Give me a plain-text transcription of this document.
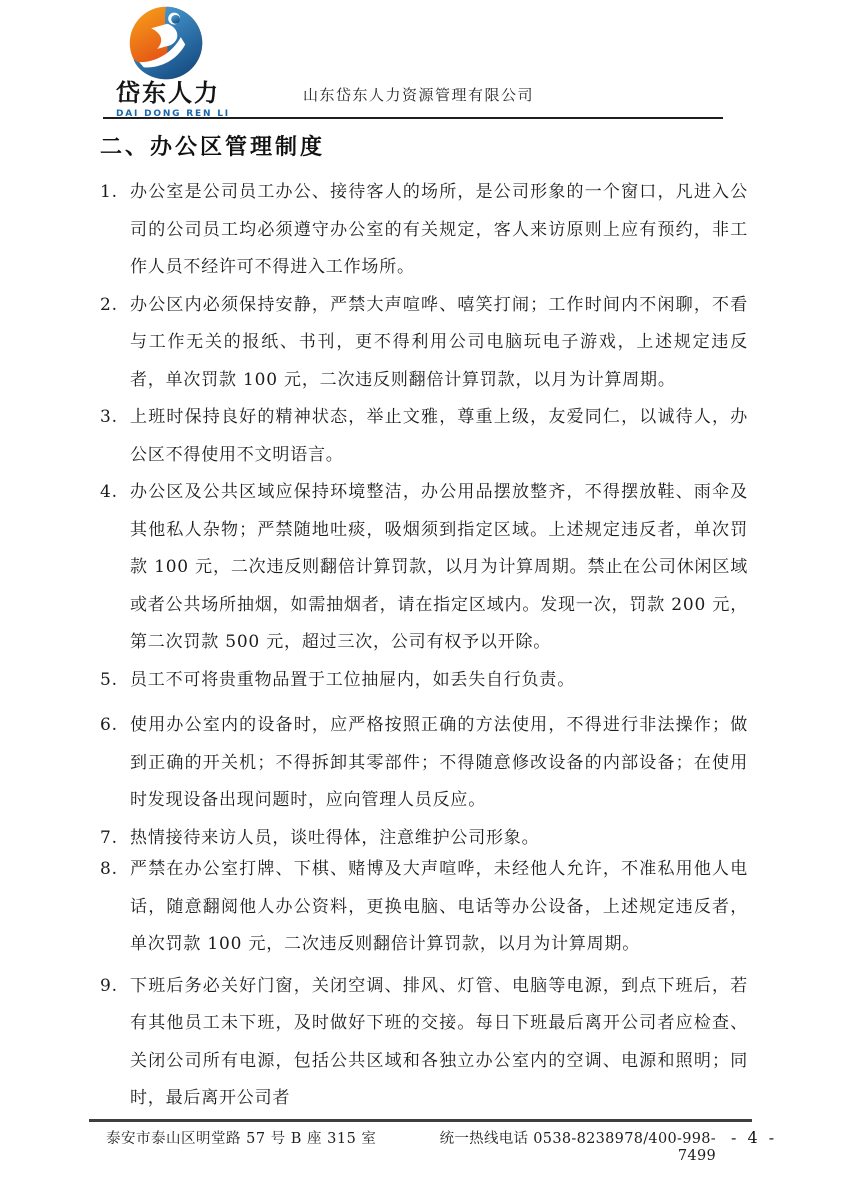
岱东人力
DAI DONG REN LI
山东岱东人力资源管理有限公司
二、办公区管理制度
1. 办公室是公司员工办公、接待客人的场所，是公司形象的一个窗口，凡进入公司的公司员工均必须遵守办公室的有关规定，客人来访原则上应有预约，非工作人员不经许可不得进入工作场所。
2. 办公区内必须保持安静，严禁大声喧哗、嘻笑打闹；工作时间内不闲聊，不看与工作无关的报纸、书刊，更不得利用公司电脑玩电子游戏，上述规定违反者，单次罚款 100 元，二次违反则翻倍计算罚款，以月为计算周期。
3. 上班时保持良好的精神状态，举止文雅，尊重上级，友爱同仁，以诚待人，办公区不得使用不文明语言。
4. 办公区及公共区域应保持环境整洁，办公用品摆放整齐，不得摆放鞋、雨伞及其他私人杂物；严禁随地吐痰，吸烟须到指定区域。上述规定违反者，单次罚款 100 元，二次违反则翻倍计算罚款，以月为计算周期。禁止在公司休闲区域或者公共场所抽烟，如需抽烟者，请在指定区域内。发现一次，罚款 200 元，第二次罚款 500 元，超过三次，公司有权予以开除。
5. 员工不可将贵重物品置于工位抽屉内，如丢失自行负责。
6. 使用办公室内的设备时，应严格按照正确的方法使用，不得进行非法操作；做到正确的开关机；不得拆卸其零部件；不得随意修改设备的内部设备；在使用时发现设备出现问题时，应向管理人员反应。
7. 热情接待来访人员，谈吐得体，注意维护公司形象。
8. 严禁在办公室打牌、下棋、赌博及大声喧哗，未经他人允许，不准私用他人电话，随意翻阅他人办公资料，更换电脑、电话等办公设备，上述规定违反者，单次罚款 100 元，二次违反则翻倍计算罚款，以月为计算周期。
9. 下班后务必关好门窗，关闭空调、排风、灯管、电脑等电源，到点下班后，若有其他员工未下班，及时做好下班的交接。每日下班最后离开公司者应检查、关闭公司所有电源，包括公共区域和各独立办公室内的空调、电源和照明；同时，最后离开公司者
泰安市泰山区明堂路 57 号 B 座 315 室	统一热线电话 0538-8238978/400-998-7499
- 4 -
